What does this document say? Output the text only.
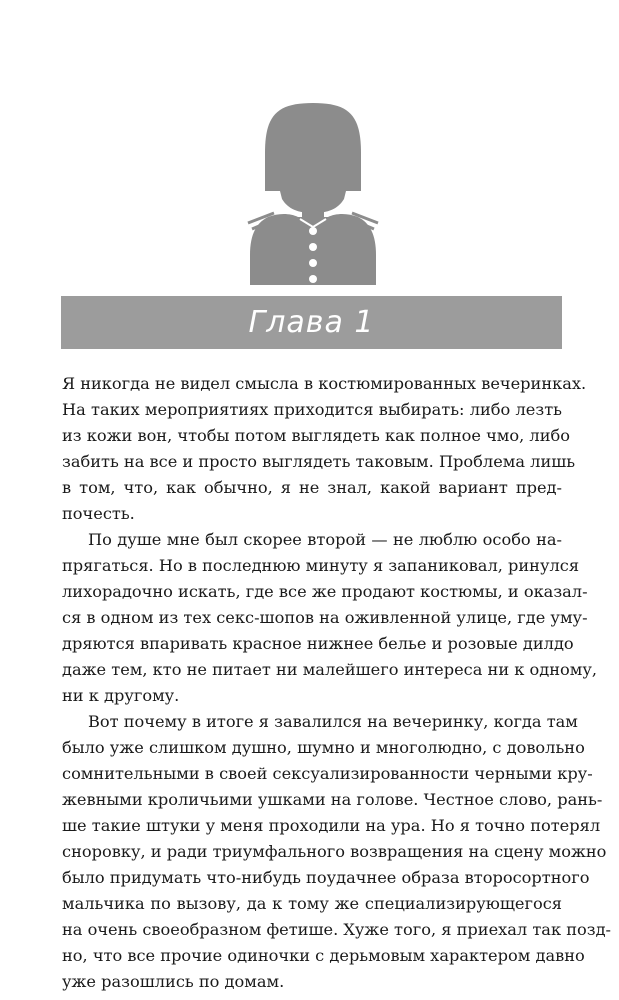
Глава 1
Я никогда не видел смысла в костюмированных вечеринках.
На таких мероприятиях приходится выбирать: либо лезть
из кожи вон, чтобы потом выглядеть как полное чмо, либо
забить на все и просто выглядеть таковым. Проблема лишь
в том, что, как обычно, я не знал, какой вариант пред-
почесть.
По душе мне был скорее второй — не люблю особо на-
прягаться. Но в последнюю минуту я запаниковал, ринулся
лихорадочно искать, где все же продают костюмы, и оказал-
ся в одном из тех секс-шопов на оживленной улице, где уму-
дряются впаривать красное нижнее белье и розовые дилдо
даже тем, кто не питает ни малейшего интереса ни к одному,
ни к другому.
Вот почему в итоге я завалился на вечеринку, когда там
было уже слишком душно, шумно и многолюдно, с довольно
сомнительными в своей сексуализированности черными кру-
жевными кроличьими ушками на голове. Честное слово, рань-
ше такие штуки у меня проходили на ура. Но я точно потерял
сноровку, и ради триумфального возвращения на сцену можно
было придумать что-нибудь поудачнее образа второсортного
мальчика по вызову, да к тому же специализирующегося
на очень своеобразном фетише. Хуже того, я приехал так позд-
но, что все прочие одиночки с дерьмовым характером давно
уже разошлись по домам.
